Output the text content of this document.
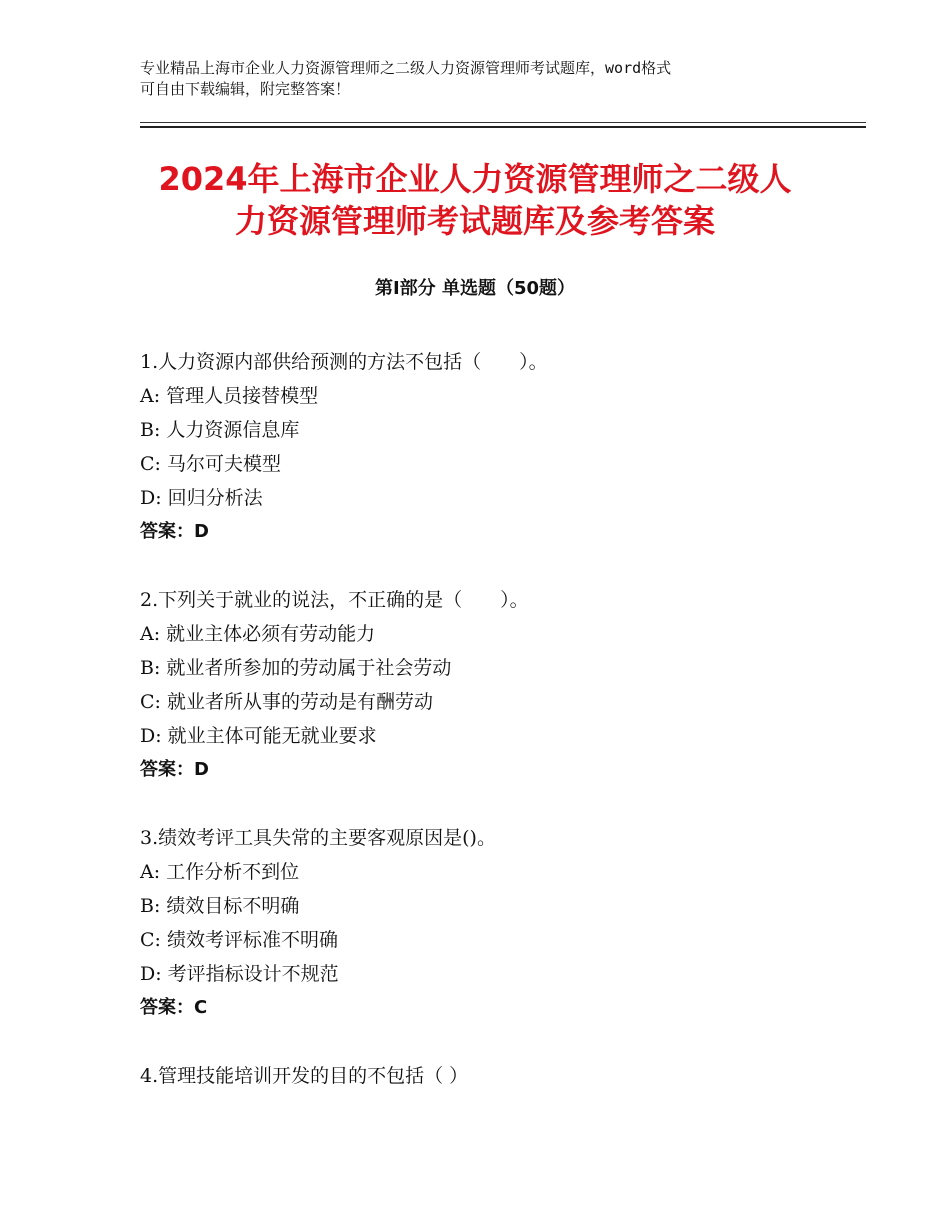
专业精品上海市企业人力资源管理师之二级人力资源管理师考试题库，word格式
可自由下载编辑，附完整答案！
2024年上海市企业人力资源管理师之二级人
力资源管理师考试题库及参考答案
第Ⅰ部分 单选题（50题）
1.人力资源内部供给预测的方法不包括（　　）。
A: 管理人员接替模型
B: 人力资源信息库
C: 马尔可夫模型
D: 回归分析法
答案：D
2.下列关于就业的说法，不正确的是（　　）。
A: 就业主体必须有劳动能力
B: 就业者所参加的劳动属于社会劳动
C: 就业者所从事的劳动是有酬劳动
D: 就业主体可能无就业要求
答案：D
3.绩效考评工具失常的主要客观原因是()。
A: 工作分析不到位
B: 绩效目标不明确
C: 绩效考评标准不明确
D: 考评指标设计不规范
答案：C
4.管理技能培训开发的目的不包括（ ）
